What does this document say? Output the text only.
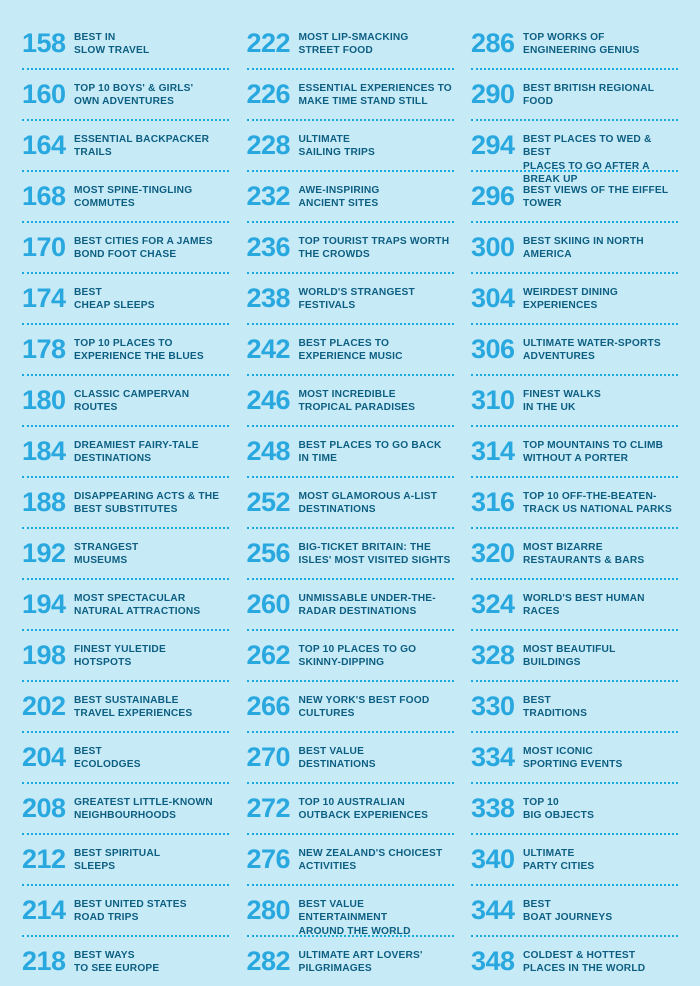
158 BEST IN
SLOW TRAVEL
160 TOP 10 BOYS' & GIRLS'
OWN ADVENTURES
164 ESSENTIAL BACKPACKER
TRAILS
168 MOST SPINE-TINGLING
COMMUTES
170 BEST CITIES FOR A JAMES
BOND FOOT CHASE
174 BEST
CHEAP SLEEPS
178 TOP 10 PLACES TO
EXPERIENCE THE BLUES
180 CLASSIC CAMPERVAN
ROUTES
184 DREAMIEST FAIRY-TALE
DESTINATIONS
188 DISAPPEARING ACTS & THE
BEST SUBSTITUTES
192 STRANGEST
MUSEUMS
194 MOST SPECTACULAR
NATURAL ATTRACTIONS
198 FINEST YULETIDE
HOTSPOTS
202 BEST SUSTAINABLE
TRAVEL EXPERIENCES
204 BEST
ECOLODGES
208 GREATEST LITTLE-KNOWN
NEIGHBOURHOODS
212 BEST SPIRITUAL
SLEEPS
214 BEST UNITED STATES
ROAD TRIPS
218 BEST WAYS
TO SEE EUROPE
222 MOST LIP-SMACKING
STREET FOOD
226 ESSENTIAL EXPERIENCES TO
MAKE TIME STAND STILL
228 ULTIMATE
SAILING TRIPS
232 AWE-INSPIRING
ANCIENT SITES
236 TOP TOURIST TRAPS WORTH
THE CROWDS
238 WORLD'S STRANGEST
FESTIVALS
242 BEST PLACES TO
EXPERIENCE MUSIC
246 MOST INCREDIBLE
TROPICAL PARADISES
248 BEST PLACES TO GO BACK
IN TIME
252 MOST GLAMOROUS A-LIST
DESTINATIONS
256 BIG-TICKET BRITAIN: THE
ISLES' MOST VISITED SIGHTS
260 UNMISSABLE UNDER-THE-
RADAR DESTINATIONS
262 TOP 10 PLACES TO GO
SKINNY-DIPPING
266 NEW YORK'S BEST FOOD
CULTURES
270 BEST VALUE
DESTINATIONS
272 TOP 10 AUSTRALIAN
OUTBACK EXPERIENCES
276 NEW ZEALAND'S CHOICEST
ACTIVITIES
280 BEST VALUE ENTERTAINMENT
AROUND THE WORLD
282 ULTIMATE ART LOVERS'
PILGRIMAGES
286 TOP WORKS OF
ENGINEERING GENIUS
290 BEST BRITISH REGIONAL
FOOD
294 BEST PLACES TO WED & BEST
PLACES TO GO AFTER A BREAK UP
296 BEST VIEWS OF THE EIFFEL
TOWER
300 BEST SKIING IN NORTH
AMERICA
304 WEIRDEST DINING
EXPERIENCES
306 ULTIMATE WATER-SPORTS
ADVENTURES
310 FINEST WALKS
IN THE UK
314 TOP MOUNTAINS TO CLIMB
WITHOUT A PORTER
316 TOP 10 OFF-THE-BEATEN-
TRACK US NATIONAL PARKS
320 MOST BIZARRE
RESTAURANTS & BARS
324 WORLD'S BEST HUMAN
RACES
328 MOST BEAUTIFUL
BUILDINGS
330 BEST
TRADITIONS
334 MOST ICONIC
SPORTING EVENTS
338 TOP 10
BIG OBJECTS
340 ULTIMATE
PARTY CITIES
344 BEST
BOAT JOURNEYS
348 COLDEST & HOTTEST
PLACES IN THE WORLD
